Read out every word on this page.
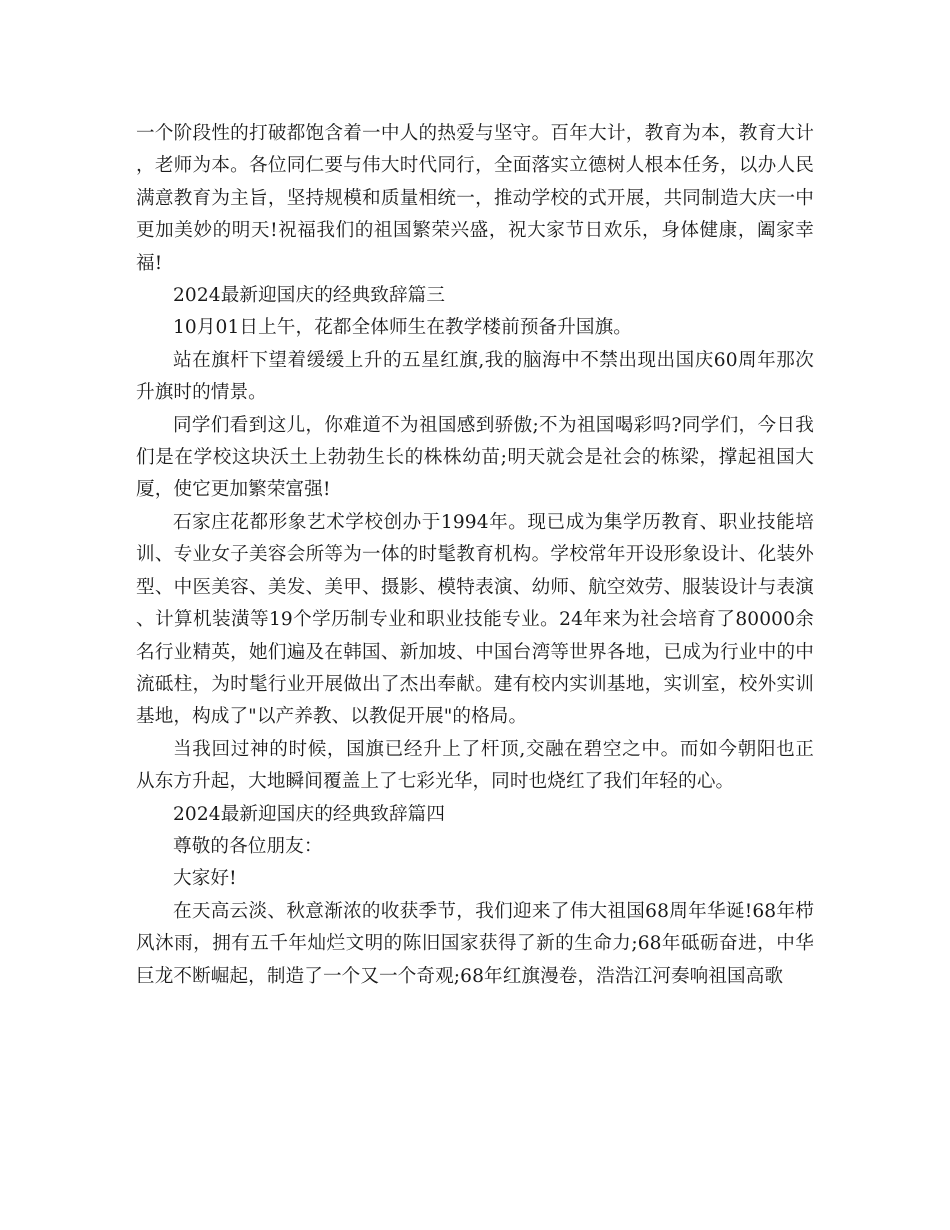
一个阶段性的打破都饱含着一中人的热爱与坚守。百年大计，教育为本，教育大计，老师为本。各位同仁要与伟大时代同行，全面落实立德树人根本任务，以办人民满意教育为主旨，坚持规模和质量相统一，推动学校的式开展，共同制造大庆一中更加美妙的明天!祝福我们的祖国繁荣兴盛，祝大家节日欢乐，身体健康，阖家幸福!

2024最新迎国庆的经典致辞篇三

10月01日上午，花都全体师生在教学楼前预备升国旗。

站在旗杆下望着缓缓上升的五星红旗,我的脑海中不禁出现出国庆60周年那次升旗时的情景。

同学们看到这儿，你难道不为祖国感到骄傲;不为祖国喝彩吗?同学们，今日我们是在学校这块沃土上勃勃生长的株株幼苗;明天就会是社会的栋梁，撑起祖国大厦，使它更加繁荣富强!

石家庄花都形象艺术学校创办于1994年。现已成为集学历教育、职业技能培训、专业女子美容会所等为一体的时髦教育机构。学校常年开设形象设计、化装外型、中医美容、美发、美甲、摄影、模特表演、幼师、航空效劳、服装设计与表演、计算机装潢等19个学历制专业和职业技能专业。24年来为社会培育了80000余名行业精英，她们遍及在韩国、新加坡、中国台湾等世界各地，已成为行业中的中流砥柱，为时髦行业开展做出了杰出奉献。建有校内实训基地，实训室，校外实训基地，构成了"以产养教、以教促开展"的格局。

当我回过神的时候，国旗已经升上了杆顶,交融在碧空之中。而如今朝阳也正从东方升起，大地瞬间覆盖上了七彩光华，同时也烧红了我们年轻的心。

2024最新迎国庆的经典致辞篇四

尊敬的各位朋友：

大家好!

在天高云淡、秋意渐浓的收获季节，我们迎来了伟大祖国68周年华诞!68年栉风沐雨，拥有五千年灿烂文明的陈旧国家获得了新的生命力;68年砥砺奋进，中华巨龙不断崛起，制造了一个又一个奇观;68年红旗漫卷，浩浩江河奏响祖国高歌
